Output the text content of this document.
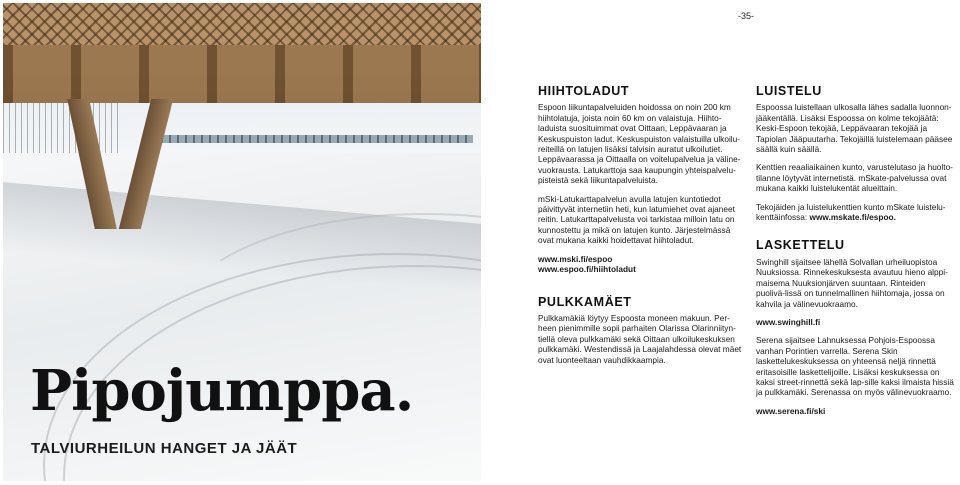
-35-
Pipojumppa.
TALVIURHEILUN HANGET JA JÄÄT
HIIHTOLADUT

Espoon liikuntapalveluiden hoidossa on noin 200 km hiihtolatuja, joista noin 60 km on valaistuja. Hiihto-laduista suosituimmat ovat Oittaan, Leppävaaran ja Keskuspuiston ladut. Keskuspuiston valaistuilla ulkoilu-reiteillä on latujen lisäksi talvisin auratut ulkoilutiet. Leppävaarassa ja Oittaalla on voitelupalvelua ja väline-vuokrausta. Latukarttoja saa kaupungin yhteispalvelu-pisteistä sekä liikuntapalveluista.

mSki-Latukarttapalvelun avulla latujen kuntotiedot päivittyvät internetiin heti, kun latumiehet ovat ajaneet reitin. Latukarttapalvelusta voi tarkistaa milloin latu on kunnostettu ja mikä on latujen kunto. Järjestelmässä ovat mukana kaikki hoidettavat hiihtoladut.

www.mski.fi/espoo
www.espoo.fi/hiihtoladut

PULKKAMÄET

Pulkkamäkiä löytyy Espoosta moneen makuun. Per-heen pienimmille sopii parhaiten Olarissa Olarinniityn-tiellä oleva pulkkamäki sekä Oittaan ulkoilukeskuksen pulkkamäki. Westendissä ja Laajalahdessa olevat mäet ovat luonteeltaan vauhdikkaampia.

LUISTELU

Espoossa luistellaan ulkosalla lähes sadalla luonnon-jääkentällä. Lisäksi Espoossa on kolme tekojäätä: Keski-Espoon tekojää, Leppävaaran tekojää ja Tapiolan Jääpuutarha. Tekojäillä luistelemaan pääsee säällä kuin säällä.

Kenttien reaaliaikainen kunto, varustelutaso ja huolto-tilanne löytyvät internetistä. mSkate-palvelussa ovat mukana kaikki luistelukentät alueittain.

Tekojäiden ja luistelukenttien kunto mSkate luistelu-kenttäinfossa: www.mskate.fi/espoo.

LASKETTELU

Swinghill sijaitsee lähellä Solvallan urheiluopistoa Nuuksiossa. Rinnekeskuksesta avautuu hieno alppi-maisema Nuuksionjärven suuntaan. Rinteiden puolivä-lissä on tunnelmallinen hiihtomaja, jossa on kahvila ja välinevuokraamo.

www.swinghill.fi

Serena sijaitsee Lahnuksessa Pohjois-Espoossa vanhan Porintien varrella. Serena Skin laskettelukeskuksessa on yhteensä neljä rinnettä eritasoisille laskettelijoille. Lisäksi keskuksessa on kaksi street-rinnettä sekä lap-sille kaksi ilmaista hissiä ja pulkkamäki. Serenassa on myös välinevuokraamo.

www.serena.fi/ski
